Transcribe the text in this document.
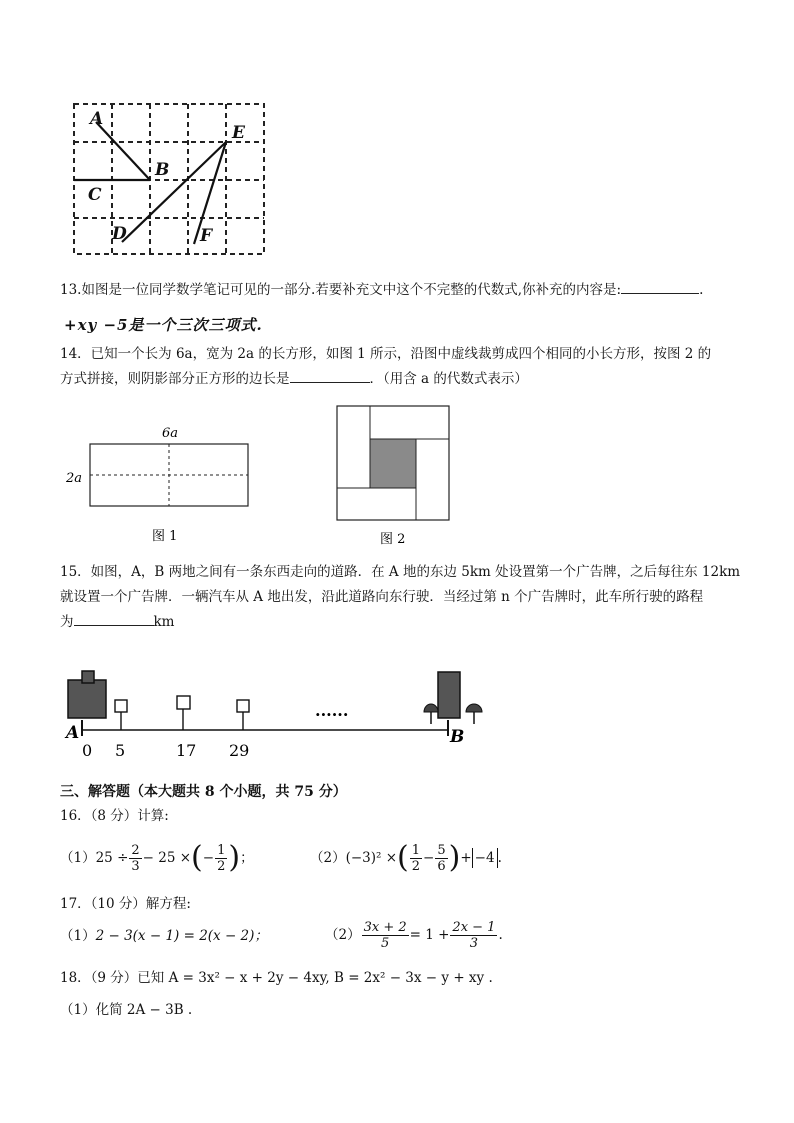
A
B
C
D
E
F
13.如图是一位同学数学笔记可见的一部分.若要补充文中这个不完整的代数式,你补充的内容是:	.
+xy −5是一个三次三项式.
14．已知一个长为 6a，宽为 2a 的长方形，如图 1 所示，沿图中虚线裁剪成四个相同的小长方形，按图 2 的
方式拼接，则阴影部分正方形的边长是	．（用含 a 的代数式表示）
6a
2a
图 1	图 2
15．如图，A，B 两地之间有一条东西走向的道路．在 A 地的东边 5km 处设置第一个广告牌，之后每往东 12km
就设置一个广告牌．一辆汽车从 A 地出发，沿此道路向东行驶．当经过第 n 个广告牌时，此车所行驶的路程
为	km
......
A	B
0 5	17 29
三、解答题（本大题共 8 个小题，共 75 分）
16．（8 分）计算:
（1） $25 \div \frac{2}{3} - 25$ × ( − $\frac{1}{2}$ ) ；	（2） (−3)² × ( $\frac{1}{2} - \frac{5}{6}$ ) + −4 .
17．（10 分）解方程:
（1）2 − 3(x − 1) = 2(x − 2)；	$(2) \frac{3x + 2}{5} = 1 + \frac{2x - 1}{3}$ .
18．（9 分）已知 A = 3x² − x + 2y − 4xy, B = 2x² − 3x − y + xy .
（1）化简 2A − 3B .
